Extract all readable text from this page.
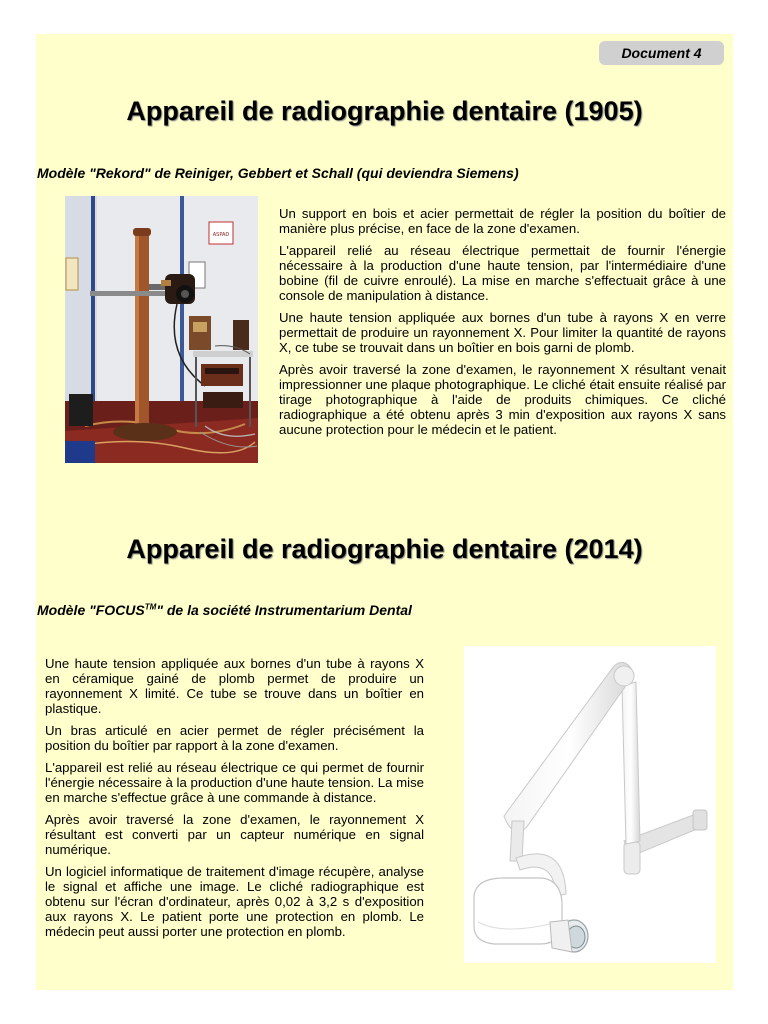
Document 4
Appareil de radiographie dentaire (1905)

Modèle "Rekord" de Reiniger, Gebbert et Schall (qui deviendra Siemens)

ASPAD

Un support en bois et acier permettait de régler la position du boîtier de manière plus précise, en face de la zone d'examen.

L'appareil relié au réseau électrique permettait de fournir l'énergie nécessaire à la production d'une haute tension, par l'intermédiaire d'une bobine (fil de cuivre enroulé). La mise en marche s'effectuait grâce à une console de manipulation à distance.

Une haute tension appliquée aux bornes d'un tube à rayons X en verre permettait de produire un rayonnement X. Pour limiter la quantité de rayons X, ce tube se trouvait dans un boîtier en bois garni de plomb.

Après avoir traversé la zone d'examen, le rayonnement X résultant venait impressionner une plaque photographique. Le cliché était ensuite réalisé par tirage photographique à l'aide de produits chimiques. Ce cliché radiographique a été obtenu après 3 min d'exposition aux rayons X sans aucune protection pour le médecin et le patient.

Appareil de radiographie dentaire (2014)

Modèle "FOCUS™" de la société Instrumentarium Dental

Une haute tension appliquée aux bornes d'un tube à rayons X en céramique gainé de plomb permet de produire un rayonnement X limité. Ce tube se trouve dans un boîtier en plastique.

Un bras articulé en acier permet de régler précisément la position du boîtier par rapport à la zone d'examen.

L'appareil est relié au réseau électrique ce qui permet de fournir l'énergie nécessaire à la production d'une haute tension. La mise en marche s'effectue grâce à une commande à distance.

Après avoir traversé la zone d'examen, le rayonnement X résultant est converti par un capteur numérique en signal numérique.

Un logiciel informatique de traitement d'image récupère, analyse le signal et affiche une image. Le cliché radiographique est obtenu sur l'écran d'ordinateur, après 0,02 à 3,2 s d'exposition aux rayons X. Le patient porte une protection en plomb. Le médecin peut aussi porter une protection en plomb.
